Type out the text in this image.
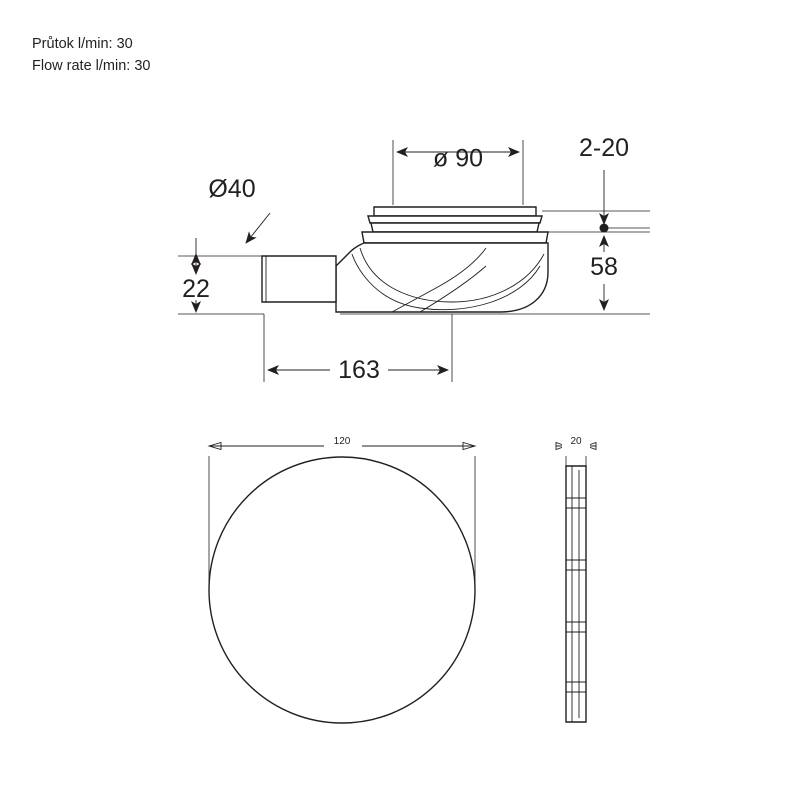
Průtok l/min: 30
Flow rate l/min: 30
ø 90	2-20
58
22
Ø40
163
120	20
